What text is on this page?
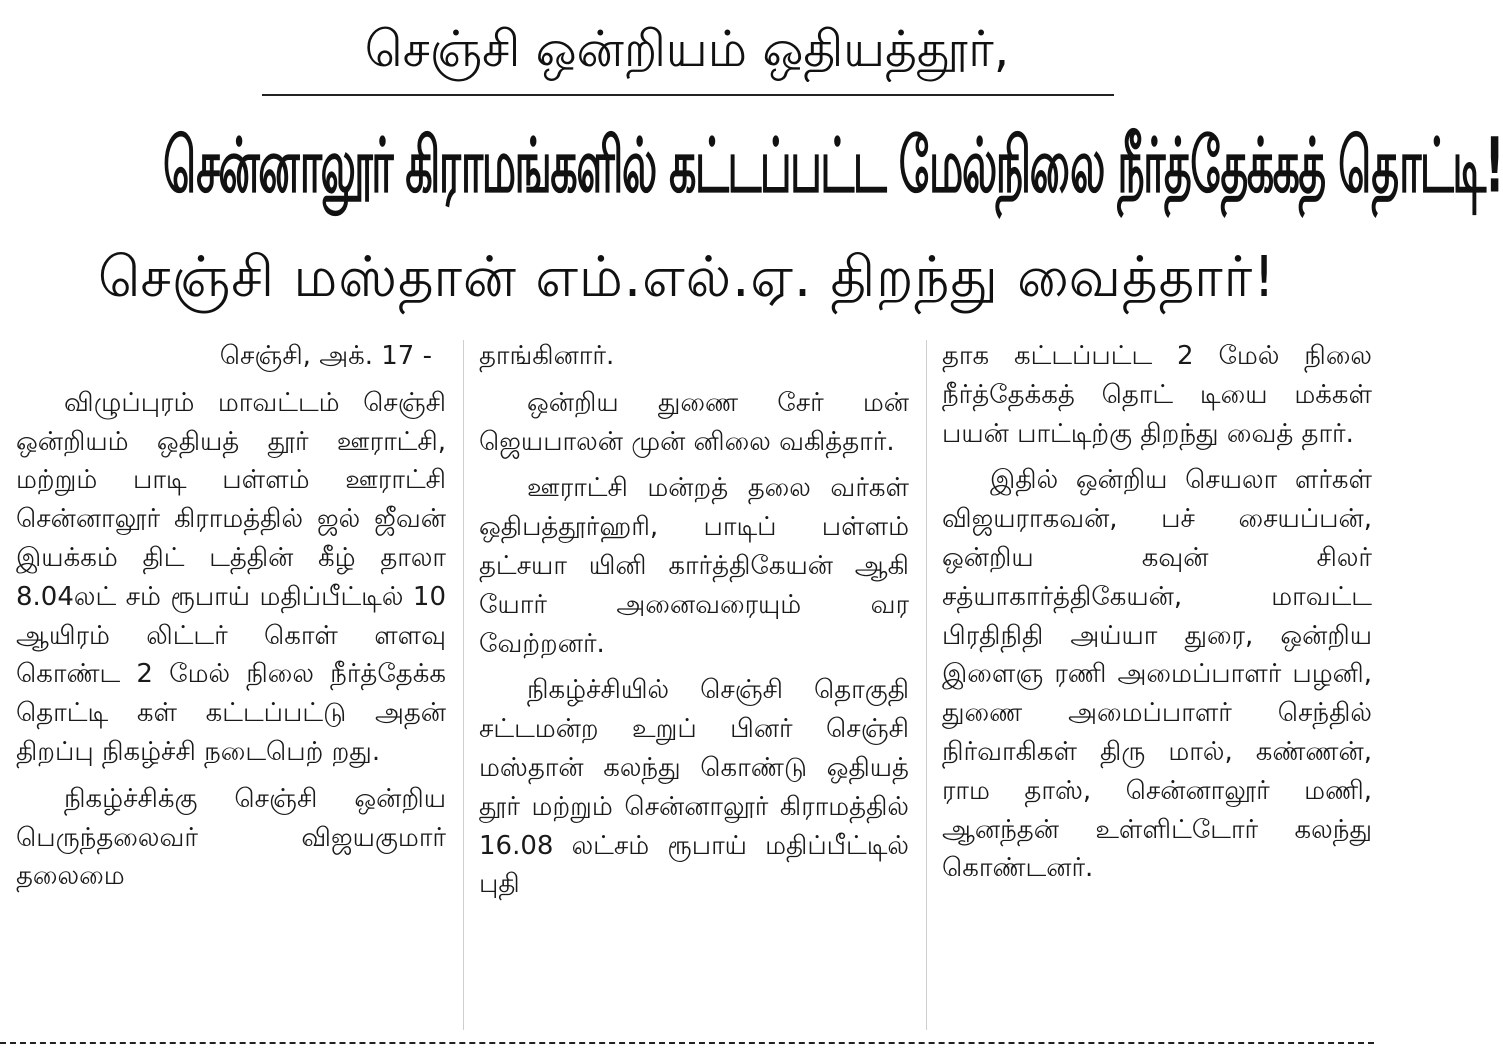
செஞ்சி ஒன்றியம் ஒதியத்தூர்,
சென்னாலூர் கிராமங்களில் கட்டப்பட்ட மேல்நிலை நீர்த்தேக்கத் தொட்டி!
செஞ்சி மஸ்தான் எம்.எல்.ஏ. திறந்து வைத்தார்!

செஞ்சி, அக். 17 -

விழுப்புரம் மாவட்டம் செஞ்சி ஒன்றியம் ஒதியத் தூர் ஊராட்சி, மற்றும் பாடி பள்ளம் ஊராட்சி சென்னாலூர் கிராமத்தில் ஜல் ஜீவன் இயக்கம் திட் டத்தின் கீழ் தாலா 8.04லட் சம் ரூபாய் மதிப்பீட்டில் 10 ஆயிரம் லிட்டர் கொள் ளளவு கொண்ட 2 மேல் நிலை நீர்த்தேக்க தொட்டி கள் கட்டப்பட்டு அதன் திறப்பு நிகழ்ச்சி நடைபெற் றது.

நிகழ்ச்சிக்கு செஞ்சி ஒன்றிய பெருந்தலைவர் விஜயகுமார் தலைமை

தாங்கினார்.

ஒன்றிய துணை சேர் மன் ஜெயபாலன் முன் னிலை வகித்தார்.

ஊராட்சி மன்றத் தலை வர்கள் ஒதிபத்தூர்ஹரி, பாடிப் பள்ளம் தட்சயா யினி கார்த்திகேயன் ஆகி யோர் அனைவரையும் வர வேற்றனர்.

நிகழ்ச்சியில் செஞ்சி தொகுதி சட்டமன்ற உறுப் பினர் செஞ்சி மஸ்தான் கலந்து கொண்டு ஒதியத் தூர் மற்றும் சென்னாலூர் கிராமத்தில் 16.08 லட்சம் ரூபாய் மதிப்பீட்டில் புதி

தாக கட்டப்பட்ட 2 மேல் நிலை நீர்த்தேக்கத் தொட் டியை மக்கள் பயன் பாட்டிற்கு திறந்து வைத் தார்.

இதில் ஒன்றிய செயலா ளர்கள் விஜயராகவன், பச் சையப்பன், ஒன்றிய கவுன் சிலர் சத்யாகார்த்திகேயன், மாவட்ட பிரதிநிதி அய்யா துரை, ஒன்றிய இளைஞ ரணி அமைப்பாளர் பழனி, துணை அமைப்பாளர் செந்தில் நிர்வாகிகள் திரு மால், கண்ணன், ராம தாஸ், சென்னாலூர் மணி, ஆனந்தன் உள்ளிட்டோர் கலந்து கொண்டனர்.
